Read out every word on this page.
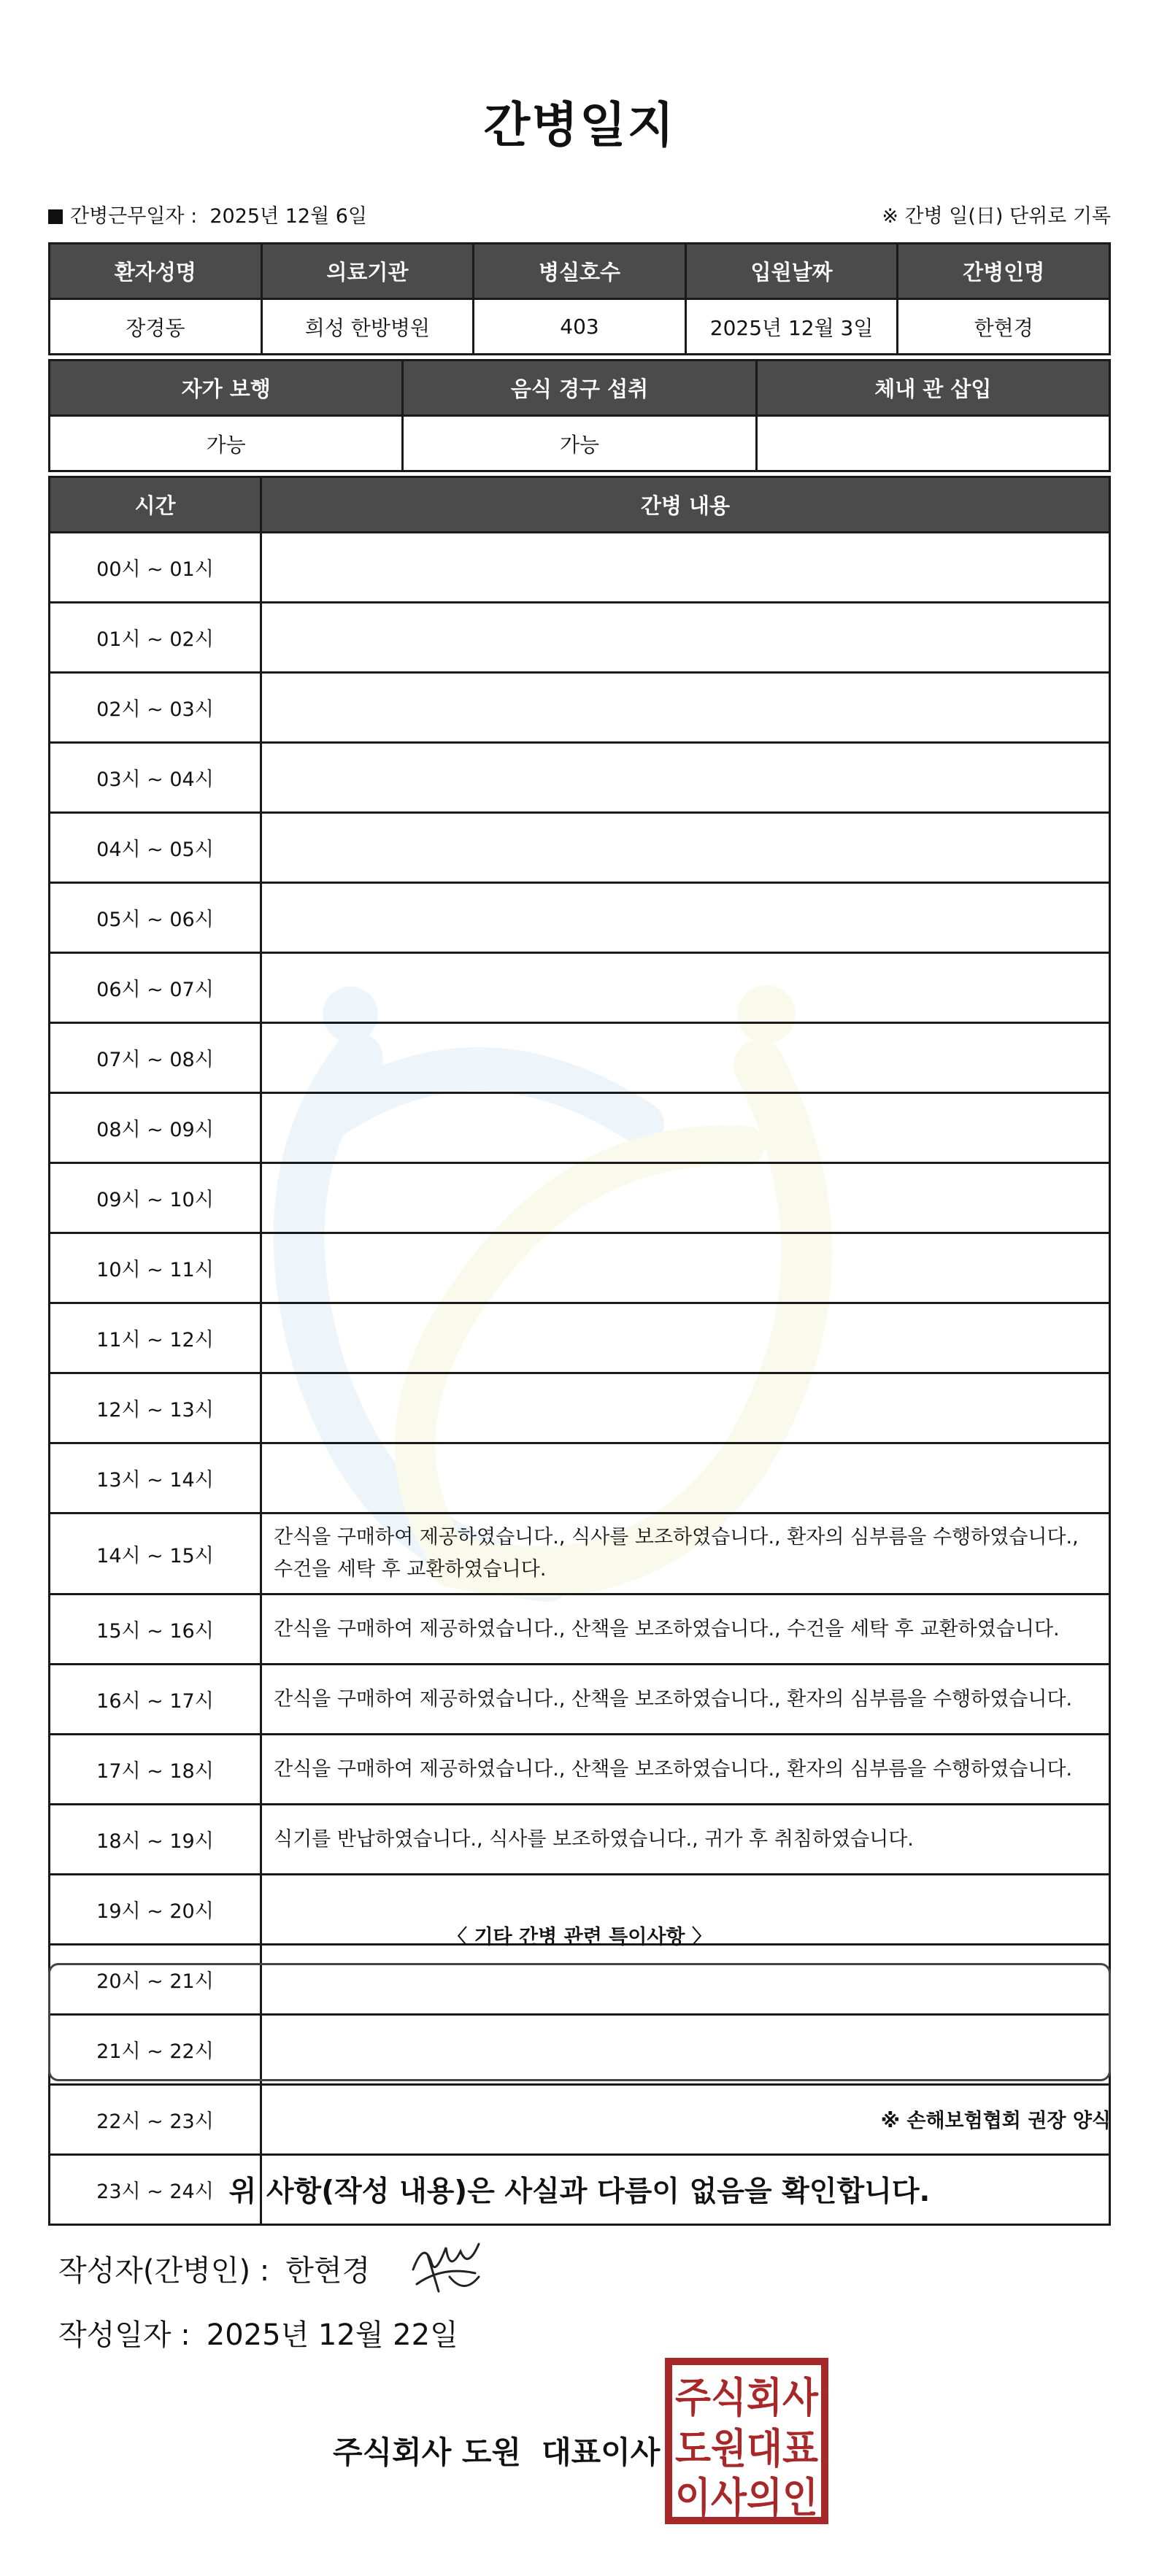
간병일지
간병근무일자 : 2025년 12월 6일	※ 간병 일(日) 단위로 기록
환자성명	의료기관	병실호수	입원날짜	간병인명
장경동	희성 한방병원	403	2025년 12월 3일	한현경
자가 보행	음식 경구 섭취	체내 관 삽입
가능	가능	
시간	간병 내용
00시 ~ 01시	
01시 ~ 02시	
02시 ~ 03시	
03시 ~ 04시	
04시 ~ 05시	
05시 ~ 06시	
06시 ~ 07시	
07시 ~ 08시	
08시 ~ 09시	
09시 ~ 10시	
10시 ~ 11시	
11시 ~ 12시	
12시 ~ 13시	
13시 ~ 14시	
14시 ~ 15시	간식을 구매하여 제공하였습니다., 식사를 보조하였습니다., 환자의 심부름을 수행하였습니다., 수건을 세탁 후 교환하였습니다.
15시 ~ 16시	간식을 구매하여 제공하였습니다., 산책을 보조하였습니다., 수건을 세탁 후 교환하였습니다.
16시 ~ 17시	간식을 구매하여 제공하였습니다., 산책을 보조하였습니다., 환자의 심부름을 수행하였습니다.
17시 ~ 18시	간식을 구매하여 제공하였습니다., 산책을 보조하였습니다., 환자의 심부름을 수행하였습니다.
18시 ~ 19시	식기를 반납하였습니다., 식사를 보조하였습니다., 귀가 후 취침하였습니다.
19시 ~ 20시	
20시 ~ 21시	
21시 ~ 22시	
22시 ~ 23시	
23시 ~ 24시	
〈 기타 간병 관련 특이사항 〉
※ 손해보험협회 권장 양식
위 사항(작성 내용)은 사실과 다름이 없음을 확인합니다.
작성자(간병인) : 한현경
작성일자 : 2025년 12월 22일
주식회사 도원 대표이사
주식회사
도원대표
이사의인
